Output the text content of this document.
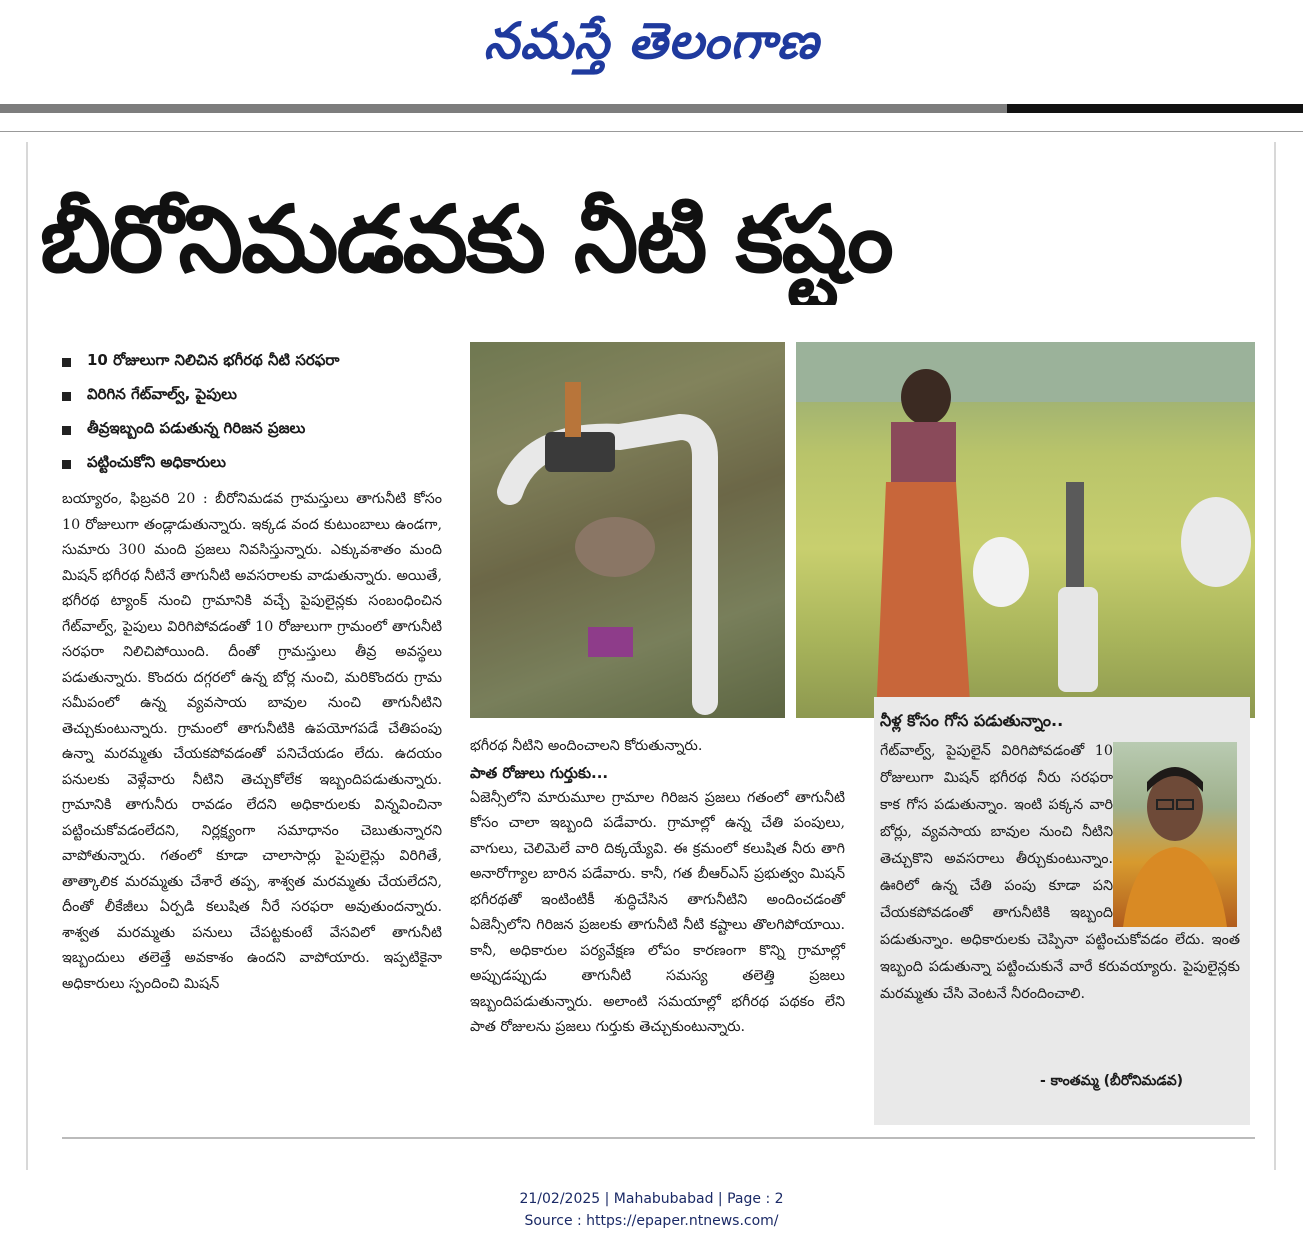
నమస్తే తెలంగాణ
బీరోనిమడవకు నీటి కష్టం
10 రోజులుగా నిలిచిన భగీరథ నీటి సరఫరా
విరిగిన గేట్‌వాల్వ్, పైపులు
తీవ్రఇబ్బంది పడుతున్న గిరిజన ప్రజలు
పట్టించుకోని అధికారులు
బయ్యారం, ఫిబ్రవరి 20 : బీరోనిమడవ గ్రామస్తులు తాగునీటి కోసం 10 రోజులుగా తండ్లాడుతున్నారు. ఇక్కడ వంద కుటుంబాలు ఉండగా, సుమారు 300 మంది ప్రజలు నివసిస్తున్నారు. ఎక్కువశాతం మంది మిషన్ భగీరథ నీటినే తాగునీటి అవసరాలకు వాడుతున్నారు. అయితే, భగీరథ ట్యాంక్ నుంచి గ్రామానికి వచ్చే పైపులైన్లకు సంబంధించిన గేట్‌వాల్వ్, పైపులు విరిగిపోవడంతో 10 రోజులుగా గ్రామంలో తాగునీటి సరఫరా నిలిచిపోయింది. దీంతో గ్రామస్తులు తీవ్ర అవస్థలు పడుతున్నారు. కొందరు దగ్గరలో ఉన్న బోర్ల నుంచి, మరికొందరు గ్రామ సమీపంలో ఉన్న వ్యవసాయ బావుల నుంచి తాగునీటిని తెచ్చుకుంటున్నారు. గ్రామంలో తాగునీటికి ఉపయోగపడే చేతిపంపు ఉన్నా మరమ్మతు చేయకపోవడంతో పనిచేయడం లేదు. ఉదయం పనులకు వెళ్లేవారు నీటిని తెచ్చుకోలేక ఇబ్బందిపడుతున్నారు. గ్రామానికి తాగునీరు రావడం లేదని అధికారులకు విన్నవించినా పట్టించుకోవడంలేదని, నిర్లక్ష్యంగా సమాధానం చెబుతున్నారని వాపోతున్నారు. గతంలో కూడా చాలాసార్లు పైపులైన్లు విరిగితే, తాత్కాలిక మరమ్మతు చేశారే తప్ప, శాశ్వత మరమ్మతు చేయలేదని, దీంతో లీకేజీలు ఏర్పడి కలుషిత నీరే సరఫరా అవుతుందన్నారు. శాశ్వత మరమ్మతు పనులు చేపట్టకుంటే వేసవిలో తాగునీటి ఇబ్బందులు తలెత్తే అవకాశం ఉందని వాపోయారు. ఇప్పటికైనా అధికారులు స్పందించి మిషన్
భగీరథ నీటిని అందించాలని కోరుతున్నారు.
పాత రోజులు గుర్తుకు...
ఏజెన్సీలోని మారుమూల గ్రామాల గిరిజన ప్రజలు గతంలో తాగునీటి కోసం చాలా ఇబ్బంది పడేవారు. గ్రామాల్లో ఉన్న చేతి పంపులు, వాగులు, చెలిమెలే వారి దిక్కయ్యేవి. ఈ క్రమంలో కలుషిత నీరు తాగి అనారోగ్యాల బారిన పడేవారు. కానీ, గత బీఆర్ఎస్ ప్రభుత్వం మిషన్ భగీరథతో ఇంటింటికీ శుద్ధిచేసిన తాగునీటిని అందించడంతో ఏజెన్సీలోని గిరిజన ప్రజలకు తాగునీటి నీటి కష్టాలు తొలగిపోయాయి. కానీ, అధికారుల పర్యవేక్షణ లోపం కారణంగా కొన్ని గ్రామాల్లో అప్పుడప్పుడు తాగునీటి సమస్య తలెత్తి ప్రజలు ఇబ్బందిపడుతున్నారు. అలాంటి సమయాల్లో భగీరథ పథకం లేని పాత రోజులను ప్రజలు గుర్తుకు తెచ్చుకుంటున్నారు.
నీళ్ల కోసం గోస పడుతున్నాం..
గేట్‌వాల్వ్, పైపులైన్ విరిగిపోవడంతో 10 రోజులుగా మిషన్ భగీరథ నీరు సరఫరా కాక గోస పడుతున్నాం. ఇంటి పక్కన వారి బోర్లు, వ్యవసాయ బావుల నుంచి నీటిని తెచ్చుకొని అవసరాలు తీర్చుకుంటున్నాం. ఊరిలో ఉన్న చేతి పంపు కూడా పని చేయకపోవడంతో తాగునీటికి ఇబ్బంది పడుతున్నాం. అధికారులకు చెప్పినా పట్టించుకోవడం లేదు. ఇంత ఇబ్బంది పడుతున్నా పట్టించుకునే వారే కరువయ్యారు. పైపులైన్లకు మరమ్మతు చేసి వెంటనే నీరందించాలి.
- కాంతమ్మ (బీరోనిమడవ)
21/02/2025 | Mahabubabad | Page : 2
Source : https://epaper.ntnews.com/
